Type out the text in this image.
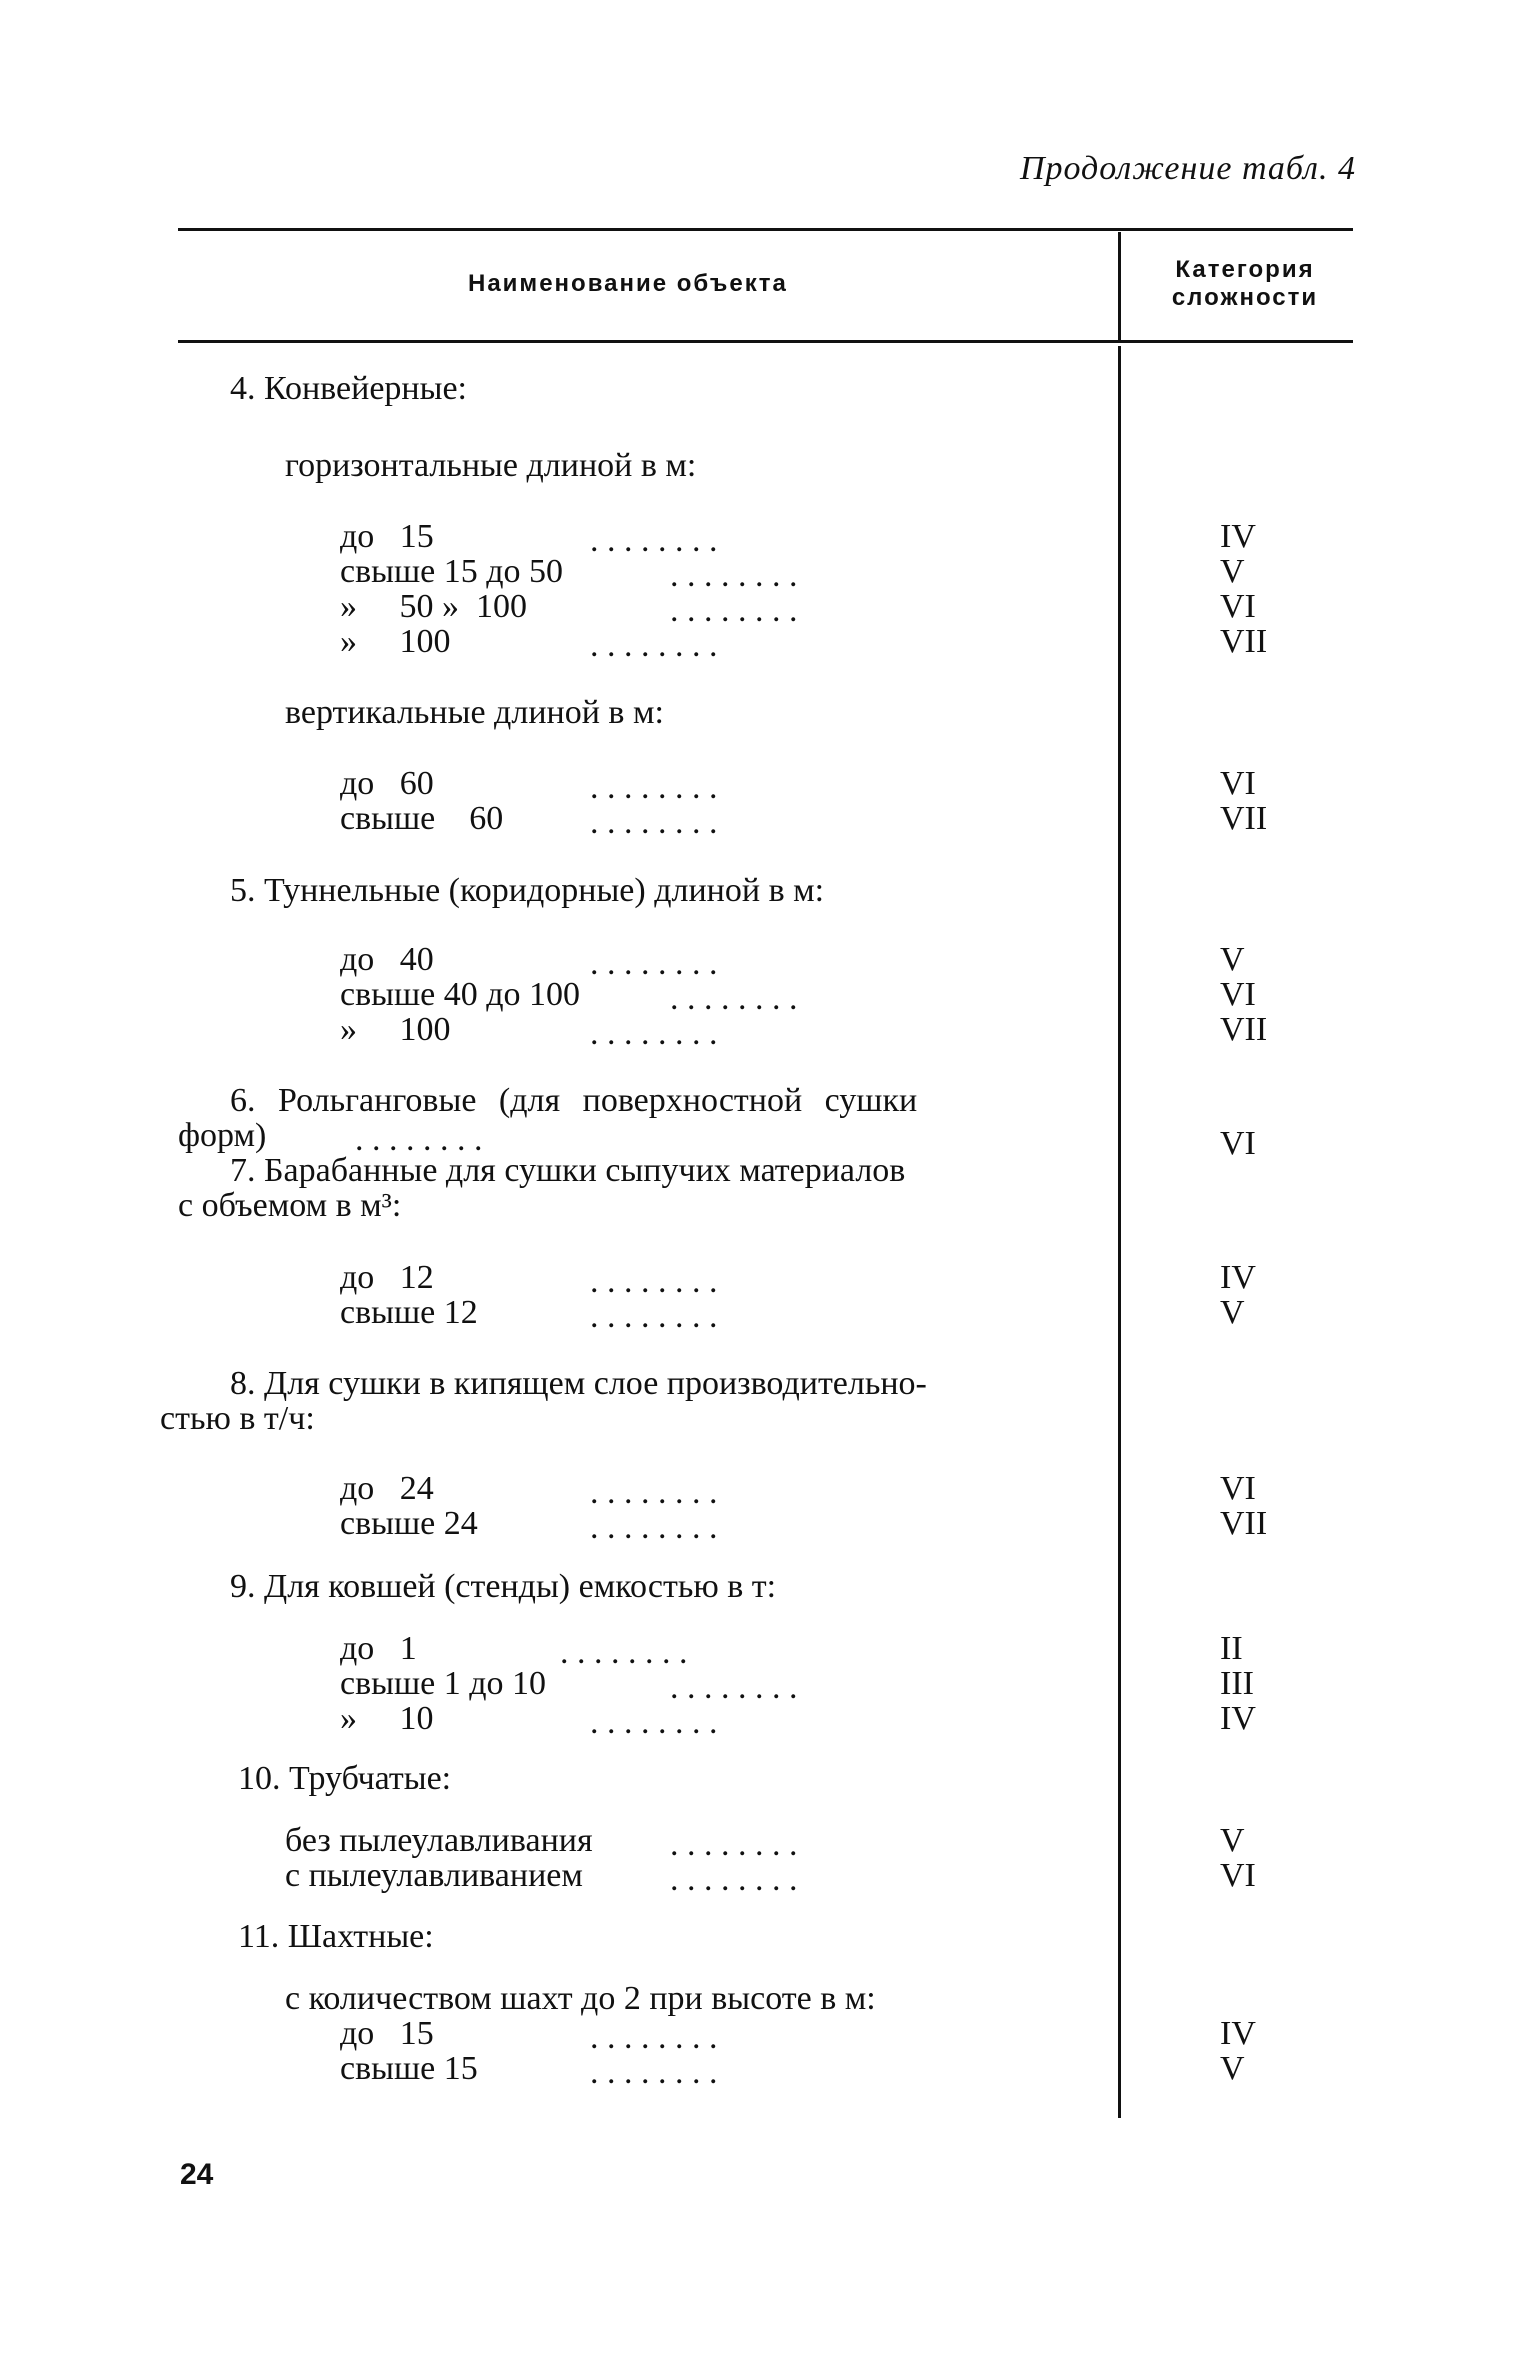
Продолжение табл. 4
Наименование объекта
Категория
сложности
4. Конвейерные:
горизонтальные длиной в м:
до   15
свыше 15 до 50
»     50 »  100
»     100
. . . . . . . .
. . . . . . . .
. . . . . . . .
. . . . . . . .
IV
V
VI
VII
вертикальные длиной в м:
до   60
свыше    60
. . . . . . . .
. . . . . . . .
VI
VII
5. Туннельные (коридорные) длиной в м:
до   40
свыше 40 до 100
»     100
. . . . . . . .
. . . . . . . .
. . . . . . . .
V
VI
VII
6. Рольганговые (для поверхностной сушки
форм)	. . . . . . . .	VI
7. Барабанные для сушки сыпучих материалов
с объемом в м³:
до   12
свыше 12
. . . . . . . .
. . . . . . . .
IV
V
8. Для сушки в кипящем слое производительно-
стью в т/ч:
до   24
свыше 24
. . . . . . . .
. . . . . . . .
VI
VII
9. Для ковшей (стенды) емкостью в т:
до   1
свыше 1 до 10
»     10
. . . . . . . .
. . . . . . . .
. . . . . . . .
II
III
IV
10. Трубчатые:
без пылеулавливания
с пылеулавливанием
. . . . . . . .
. . . . . . . .
V
VI
11. Шахтные:
с количеством шахт до 2 при высоте в м:
до   15
свыше 15
. . . . . . . .
. . . . . . . .
IV
V
24
